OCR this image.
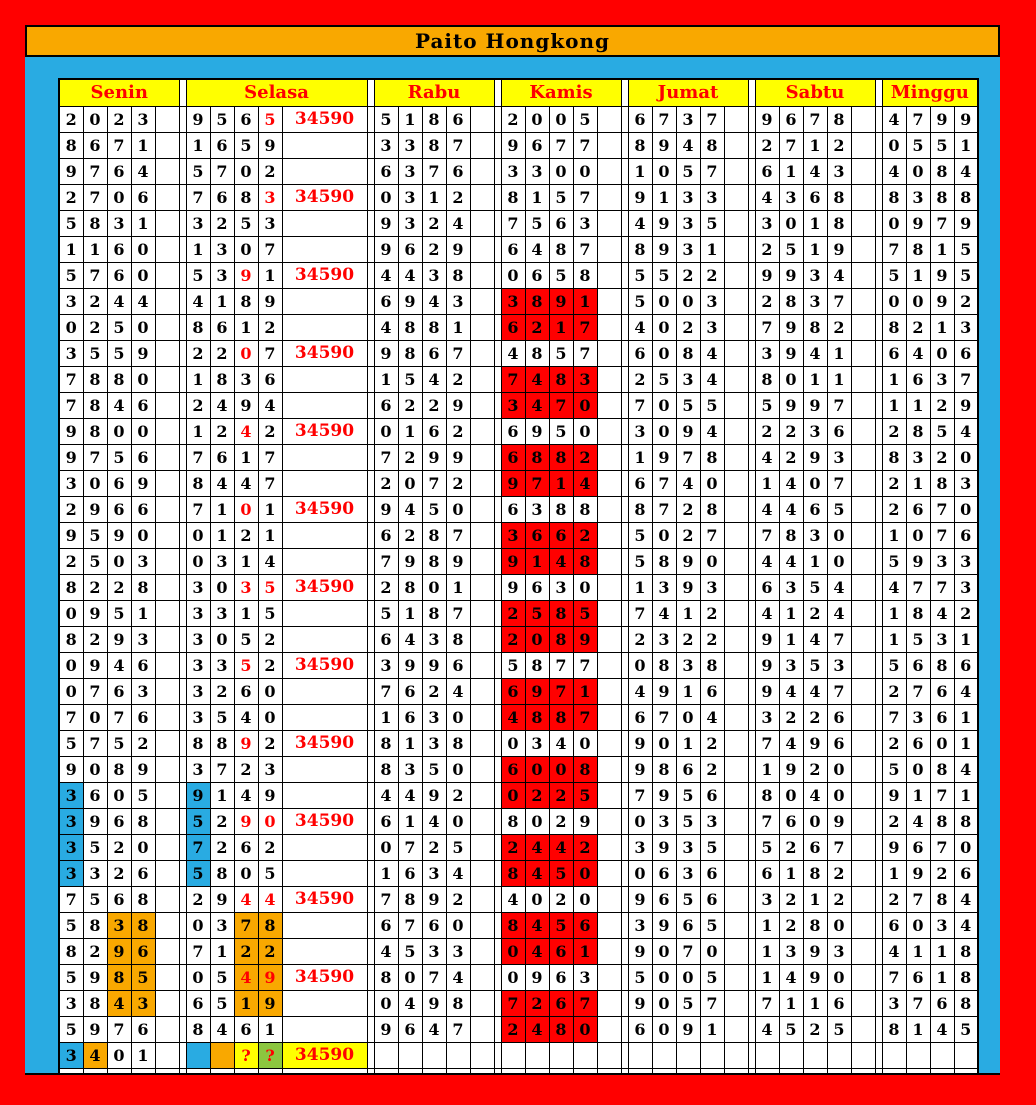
Paito Hongkong
Senin						Selasa						Rabu						Kamis						Jumat						Sabtu						Minggu			
2	0	2	3			9	5	6	5	34590		5	1	8	6			2	0	0	5			6	7	3	7			9	6	7	8			4	7	9	9
8	6	7	1			1	6	5	9			3	3	8	7			9	6	7	7			8	9	4	8			2	7	1	2			0	5	5	1
9	7	6	4			5	7	0	2			6	3	7	6			3	3	0	0			1	0	5	7			6	1	4	3			4	0	8	4
2	7	0	6			7	6	8	3	34590		0	3	1	2			8	1	5	7			9	1	3	3			4	3	6	8			8	3	8	8
5	8	3	1			3	2	5	3			9	3	2	4			7	5	6	3			4	9	3	5			3	0	1	8			0	9	7	9
1	1	6	0			1	3	0	7			9	6	2	9			6	4	8	7			8	9	3	1			2	5	1	9			7	8	1	5
5	7	6	0			5	3	9	1	34590		4	4	3	8			0	6	5	8			5	5	2	2			9	9	3	4			5	1	9	5
3	2	4	4			4	1	8	9			6	9	4	3			3	8	9	1			5	0	0	3			2	8	3	7			0	0	9	2
0	2	5	0			8	6	1	2			4	8	8	1			6	2	1	7			4	0	2	3			7	9	8	2			8	2	1	3
3	5	5	9			2	2	0	7	34590		9	8	6	7			4	8	5	7			6	0	8	4			3	9	4	1			6	4	0	6
7	8	8	0			1	8	3	6			1	5	4	2			7	4	8	3			2	5	3	4			8	0	1	1			1	6	3	7
7	8	4	6			2	4	9	4			6	2	2	9			3	4	7	0			7	0	5	5			5	9	9	7			1	1	2	9
9	8	0	0			1	2	4	2	34590		0	1	6	2			6	9	5	0			3	0	9	4			2	2	3	6			2	8	5	4
9	7	5	6			7	6	1	7			7	2	9	9			6	8	8	2			1	9	7	8			4	2	9	3			8	3	2	0
3	0	6	9			8	4	4	7			2	0	7	2			9	7	1	4			6	7	4	0			1	4	0	7			2	1	8	3
2	9	6	6			7	1	0	1	34590		9	4	5	0			6	3	8	8			8	7	2	8			4	4	6	5			2	6	7	0
9	5	9	0			0	1	2	1			6	2	8	7			3	6	6	2			5	0	2	7			7	8	3	0			1	0	7	6
2	5	0	3			0	3	1	4			7	9	8	9			9	1	4	8			5	8	9	0			4	4	1	0			5	9	3	3
8	2	2	8			3	0	3	5	34590		2	8	0	1			9	6	3	0			1	3	9	3			6	3	5	4			4	7	7	3
0	9	5	1			3	3	1	5			5	1	8	7			2	5	8	5			7	4	1	2			4	1	2	4			1	8	4	2
8	2	9	3			3	0	5	2			6	4	3	8			2	0	8	9			2	3	2	2			9	1	4	7			1	5	3	1
0	9	4	6			3	3	5	2	34590		3	9	9	6			5	8	7	7			0	8	3	8			9	3	5	3			5	6	8	6
0	7	6	3			3	2	6	0			7	6	2	4			6	9	7	1			4	9	1	6			9	4	4	7			2	7	6	4
7	0	7	6			3	5	4	0			1	6	3	0			4	8	8	7			6	7	0	4			3	2	2	6			7	3	6	1
5	7	5	2			8	8	9	2	34590		8	1	3	8			0	3	4	0			9	0	1	2			7	4	9	6			2	6	0	1
9	0	8	9			3	7	2	3			8	3	5	0			6	0	0	8			9	8	6	2			1	9	2	0			5	0	8	4
3	6	0	5			9	1	4	9			4	4	9	2			0	2	2	5			7	9	5	6			8	0	4	0			9	1	7	1
3	9	6	8			5	2	9	0	34590		6	1	4	0			8	0	2	9			0	3	5	3			7	6	0	9			2	4	8	8
3	5	2	0			7	2	6	2			0	7	2	5			2	4	4	2			3	9	3	5			5	2	6	7			9	6	7	0
3	3	2	6			5	8	0	5			1	6	3	4			8	4	5	0			0	6	3	6			6	1	8	2			1	9	2	6
7	5	6	8			2	9	4	4	34590		7	8	9	2			4	0	2	0			9	6	5	6			3	2	1	2			2	7	8	4
5	8	3	8			0	3	7	8			6	7	6	0			8	4	5	6			3	9	6	5			1	2	8	0			6	0	3	4
8	2	9	6			7	1	2	2			4	5	3	3			0	4	6	1			9	0	7	0			1	3	9	3			4	1	1	8
5	9	8	5			0	5	4	9	34590		8	0	7	4			0	9	6	3			5	0	0	5			1	4	9	0			7	6	1	8
3	8	4	3			6	5	1	9			0	4	9	8			7	2	6	7			9	0	5	7			7	1	1	6			3	7	6	8
5	9	7	6			8	4	6	1			9	6	4	7			2	4	8	0			6	0	9	1			4	5	2	5			8	1	4	5
3	4	0	1					?	?	34590																													
